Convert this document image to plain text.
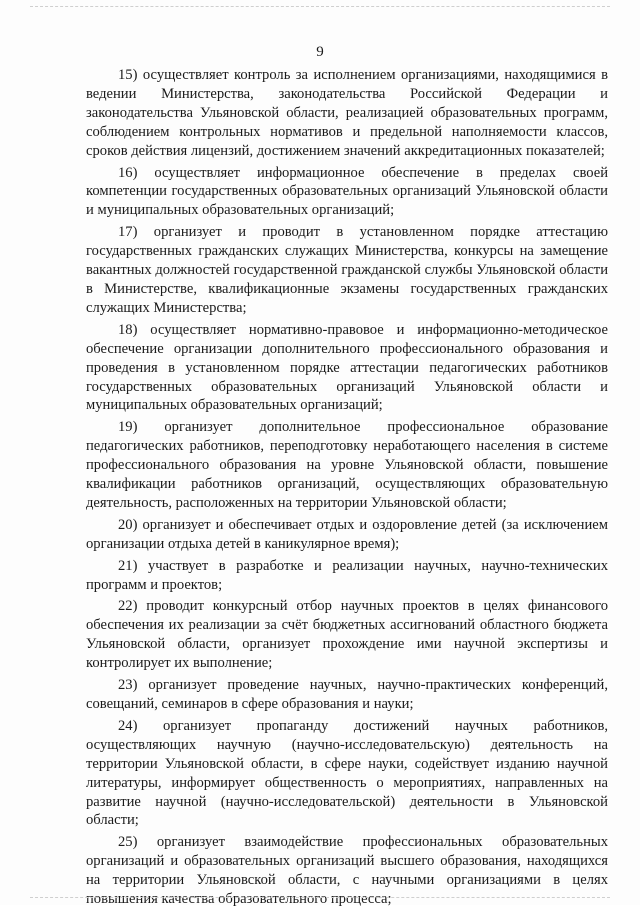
9

15) осуществляет контроль за исполнением организациями, находящимися в ведении Министерства, законодательства Российской Федерации и законодательства Ульяновской области, реализацией образовательных программ, соблюдением контрольных нормативов и предельной наполняемости классов, сроков действия лицензий, достижением значений аккредитационных показателей;

16) осуществляет информационное обеспечение в пределах своей компетенции государственных образовательных организаций Ульяновской области и муниципальных образовательных организаций;

17) организует и проводит в установленном порядке аттестацию государственных гражданских служащих Министерства, конкурсы на замещение вакантных должностей государственной гражданской службы Ульяновской области в Министерстве, квалификационные экзамены государственных гражданских служащих Министерства;

18) осуществляет нормативно-правовое и информационно-методическое обеспечение организации дополнительного профессионального образования и проведения в установленном порядке аттестации педагогических работников государственных образовательных организаций Ульяновской области и муниципальных образовательных организаций;

19) организует дополнительное профессиональное образование педагогических работников, переподготовку неработающего населения в системе профессионального образования на уровне Ульяновской области, повышение квалификации работников организаций, осуществляющих образовательную деятельность, расположенных на территории Ульяновской области;

20) организует и обеспечивает отдых и оздоровление детей (за исключением организации отдыха детей в каникулярное время);

21) участвует в разработке и реализации научных, научно-технических программ и проектов;

22) проводит конкурсный отбор научных проектов в целях финансового обеспечения их реализации за счёт бюджетных ассигнований областного бюджета Ульяновской области, организует прохождение ими научной экспертизы и контролирует их выполнение;

23) организует проведение научных, научно-практических конференций, совещаний, семинаров в сфере образования и науки;

24) организует пропаганду достижений научных работников, осуществляющих научную (научно-исследовательскую) деятельность на территории Ульяновской области, в сфере науки, содействует изданию научной литературы, информирует общественность о мероприятиях, направленных на развитие научной (научно-исследовательской) деятельности в Ульяновской области;

25) организует взаимодействие профессиональных образовательных организаций и образовательных организаций высшего образования, находящихся на территории Ульяновской области, с научными организациями в целях повышения качества образовательного процесса;
